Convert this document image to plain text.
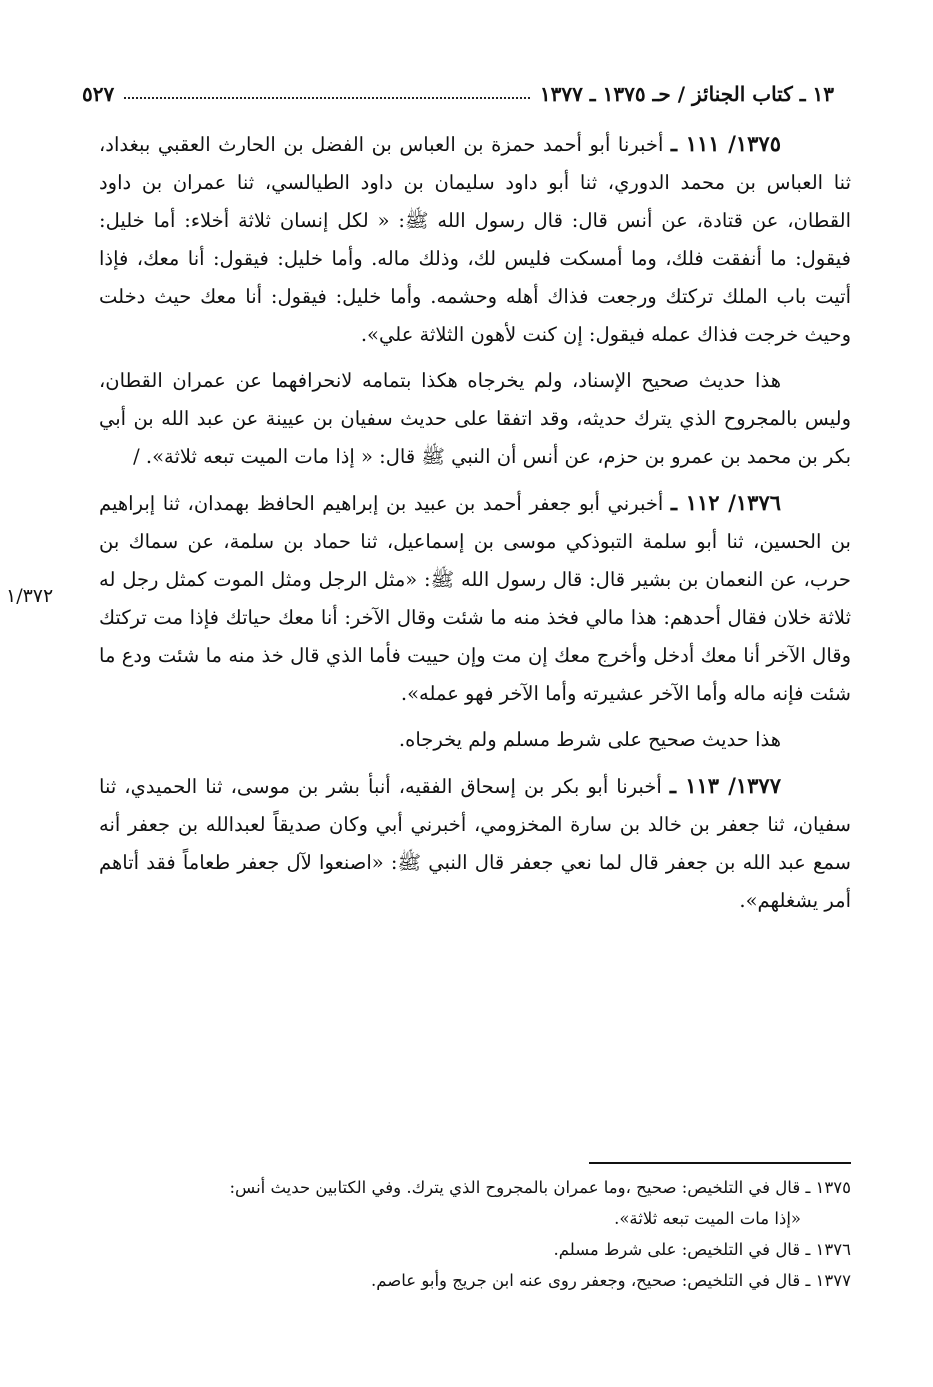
١٣ ـ كتاب الجنائز / حـ ١٣٧٥ ـ ١٣٧٧
٥٢٧
١/٣٧٢

١٣٧٥/ ١١١ ـ أخبرنا أبو أحمد حمزة بن العباس بن الفضل بن الحارث العقبي ببغداد، ثنا العباس بن محمد الدوري، ثنا أبو داود سليمان بن داود الطيالسي، ثنا عمران بن داود القطان، عن قتادة، عن أنس قال: قال رسول الله ﷺ: « لكل إنسان ثلاثة أخلاء: أما خليل: فيقول: ما أنفقت فلك، وما أمسكت فليس لك، وذلك ماله. وأما خليل: فيقول: أنا معك، فإذا أتيت باب الملك تركتك ورجعت فذاك أهله وحشمه. وأما خليل: فيقول: أنا معك حيث دخلت وحيث خرجت فذاك عمله فيقول: إن كنت لأهون الثلاثة علي».

هذا حديث صحيح الإسناد، ولم يخرجاه هكذا بتمامه لانحرافهما عن عمران القطان، وليس بالمجروح الذي يترك حديثه، وقد اتفقا على حديث سفيان بن عيينة عن عبد الله بن أبي بكر بن محمد بن عمرو بن حزم، عن أنس أن النبي ﷺ قال: « إذا مات الميت تبعه ثلاثة». /

١٣٧٦/ ١١٢ ـ أخبرني أبو جعفر أحمد بن عبيد بن إبراهيم الحافظ بهمدان، ثنا إبراهيم بن الحسين، ثنا أبو سلمة التبوذكي موسى بن إسماعيل، ثنا حماد بن سلمة، عن سماك بن حرب، عن النعمان بن بشير قال: قال رسول الله ﷺ: «مثل الرجل ومثل الموت كمثل رجل له ثلاثة خلان فقال أحدهم: هذا مالي فخذ منه ما شئت وقال الآخر: أنا معك حياتك فإذا مت تركتك وقال الآخر أنا معك أدخل وأخرج معك إن مت وإن حييت فأما الذي قال خذ منه ما شئت ودع ما شئت فإنه ماله وأما الآخر عشيرته وأما الآخر فهو عمله».

هذا حديث صحيح على شرط مسلم ولم يخرجاه.

١٣٧٧/ ١١٣ ـ أخبرنا أبو بكر بن إسحاق الفقيه، أنبأ بشر بن موسى، ثنا الحميدي، ثنا سفيان، ثنا جعفر بن خالد بن سارة المخزومي، أخبرني أبي وكان صديقاً لعبدالله بن جعفر أنه سمع عبد الله بن جعفر قال لما نعي جعفر قال النبي ﷺ: «اصنعوا لآل جعفر طعاماً فقد أتاهم أمر يشغلهم».

١٣٧٥ ـ قال في التلخيص: صحيح ،وما عمران بالمجروح الذي يترك. وفي الكتابين حديث أنس:

«إذا مات الميت تبعه ثلاثة».

١٣٧٦ ـ قال في التلخيص: على شرط مسلم.

١٣٧٧ ـ قال في التلخيص: صحيح، وجعفر روى عنه ابن جريج وأبو عاصم.
